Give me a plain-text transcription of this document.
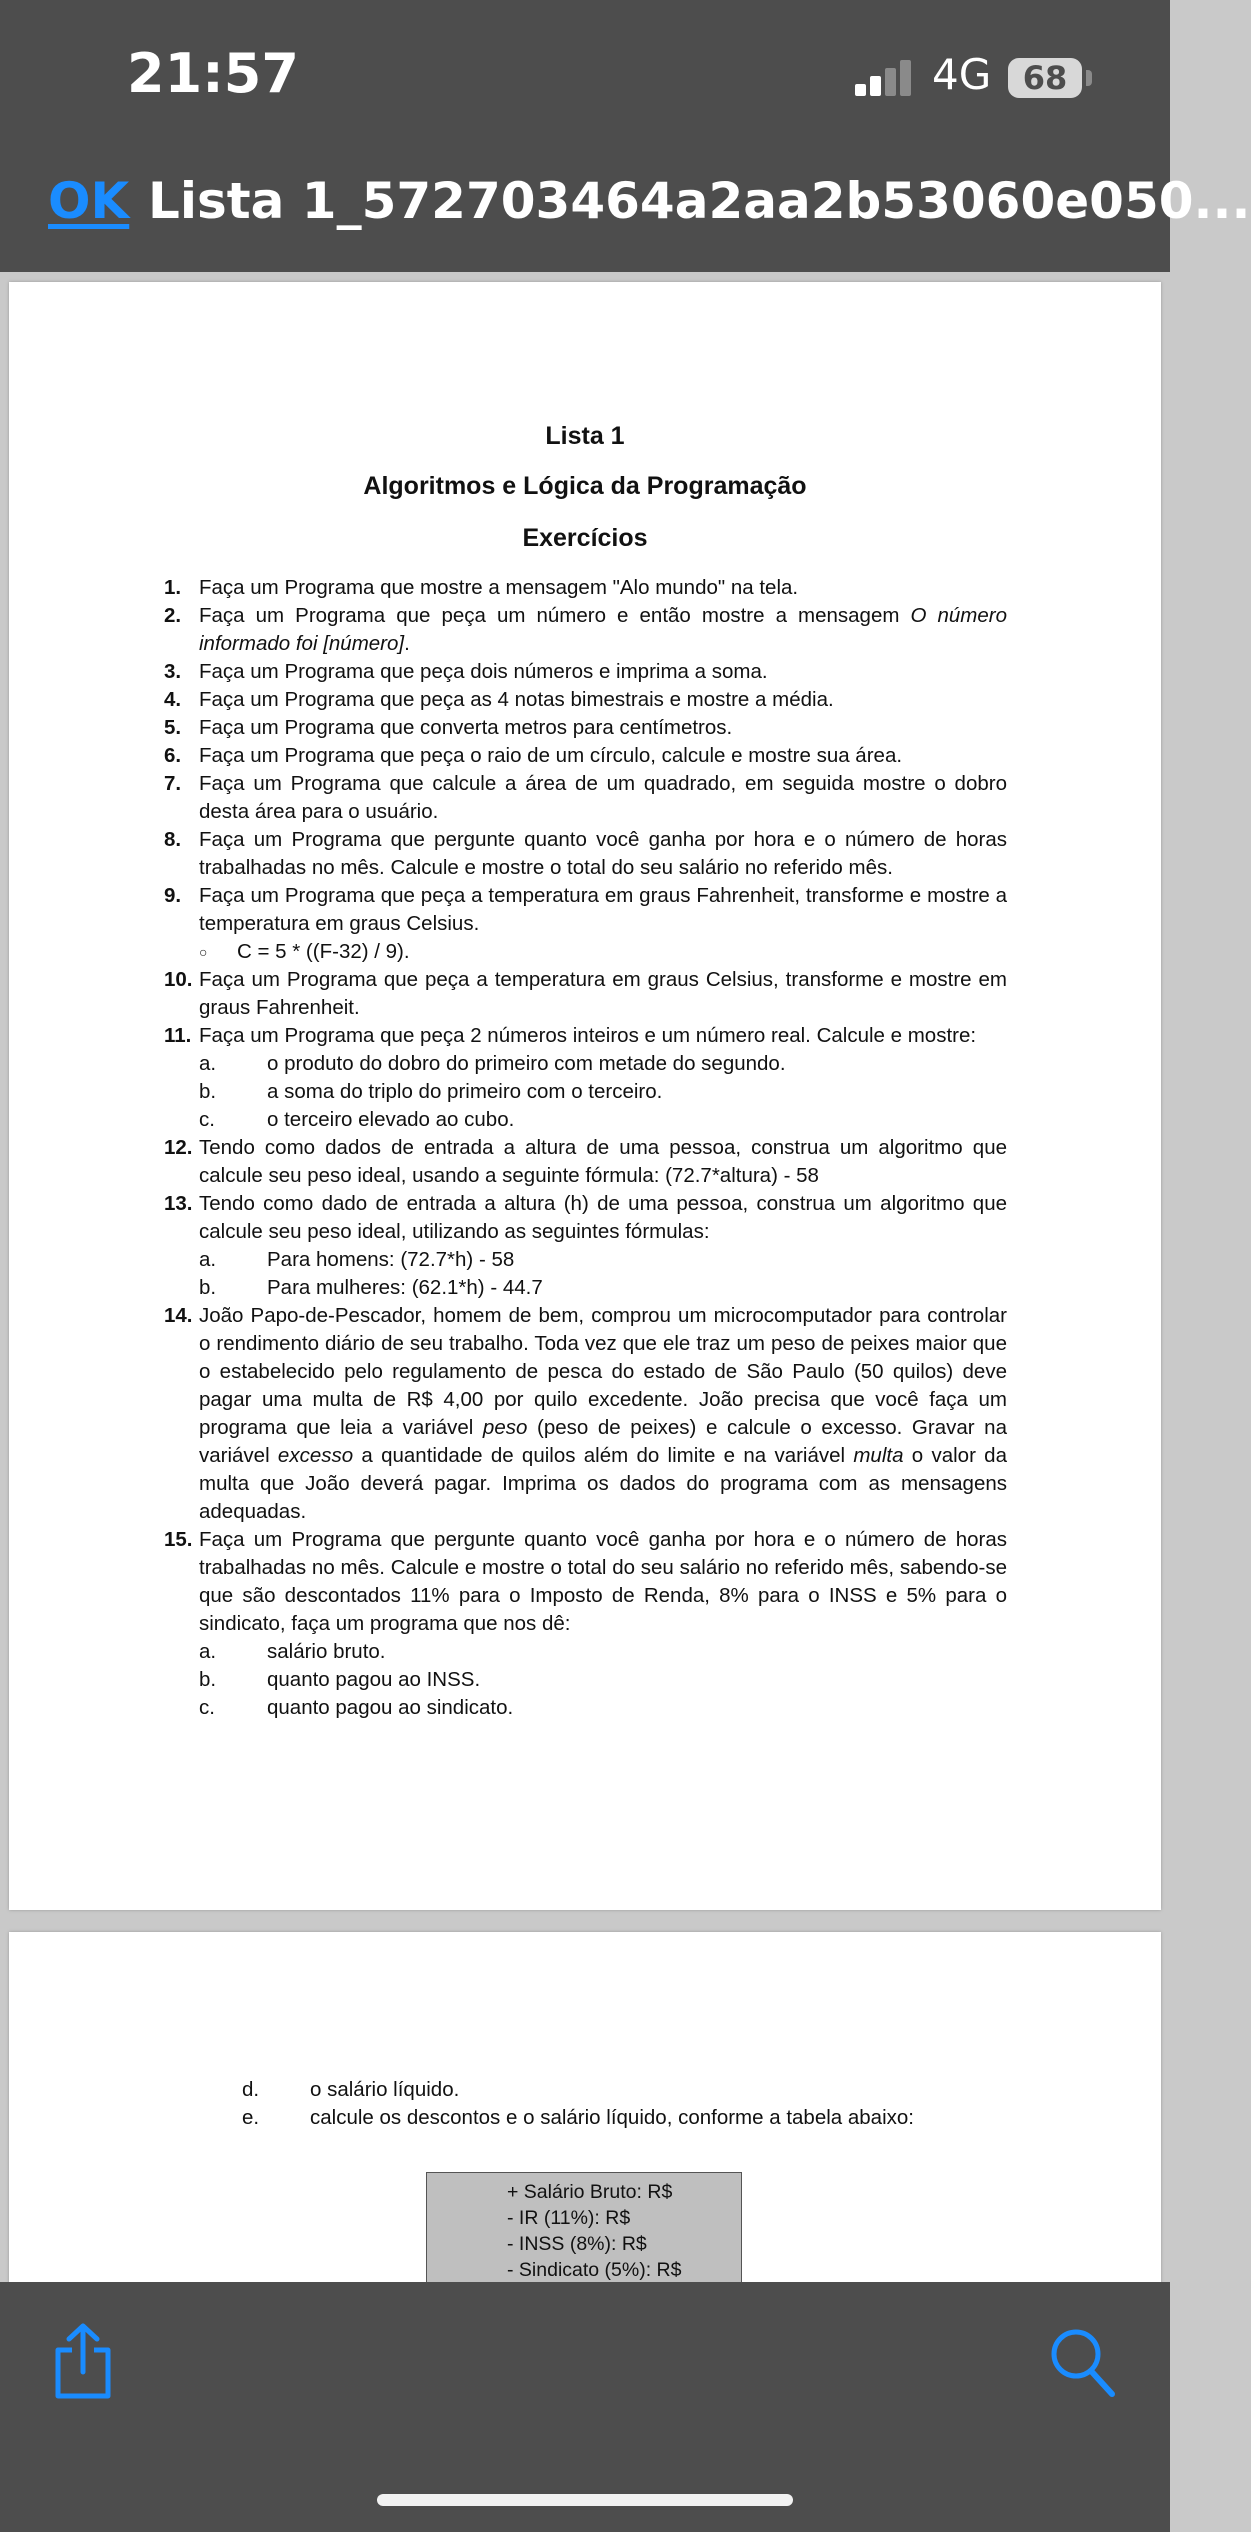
21:57	4G 68
OK Lista 1_572703464a2aa2b53060e050...
Lista 1
Algoritmos e Lógica da Programação
Exercícios
1. Faça um Programa que mostre a mensagem "Alo mundo" na tela.
2. Faça um Programa que peça um número e então mostre a mensagem O número informado foi [número].
3. Faça um Programa que peça dois números e imprima a soma.
4. Faça um Programa que peça as 4 notas bimestrais e mostre a média.
5. Faça um Programa que converta metros para centímetros.
6. Faça um Programa que peça o raio de um círculo, calcule e mostre sua área.
7. Faça um Programa que calcule a área de um quadrado, em seguida mostre o dobro desta área para o usuário.
8. Faça um Programa que pergunte quanto você ganha por hora e o número de horas trabalhadas no mês. Calcule e mostre o total do seu salário no referido mês.
9. Faça um Programa que peça a temperatura em graus Fahrenheit, transforme e mostre a temperatura em graus Celsius.
○ C = 5 * ((F-32) / 9).
10. Faça um Programa que peça a temperatura em graus Celsius, transforme e mostre em graus Fahrenheit.
11. Faça um Programa que peça 2 números inteiros e um número real. Calcule e mostre:
a. o produto do dobro do primeiro com metade do segundo.
b. a soma do triplo do primeiro com o terceiro.
c.	o terceiro elevado ao cubo.
12. Tendo como dados de entrada a altura de uma pessoa, construa um algoritmo que calcule seu peso ideal, usando a seguinte fórmula: (72.7*altura) - 58
13. Tendo como dado de entrada a altura (h) de uma pessoa, construa um algoritmo que calcule seu peso ideal, utilizando as seguintes fórmulas:
a. Para homens: (72.7*h) - 58
b. Para mulheres: (62.1*h) - 44.7
14. João Papo-de-Pescador, homem de bem, comprou um microcomputador para controlar o rendimento diário de seu trabalho. Toda vez que ele traz um peso de peixes maior que o estabelecido pelo regulamento de pesca do estado de São Paulo (50 quilos) deve pagar uma multa de R$ 4,00 por quilo excedente. João precisa que você faça um programa que leia a variável peso (peso de peixes) e calcule o excesso. Gravar na variável excesso a quantidade de quilos além do limite e na variável multa o valor da multa que João deverá pagar. Imprima os dados do programa com as mensagens adequadas.
15. Faça um Programa que pergunte quanto você ganha por hora e o número de horas trabalhadas no mês. Calcule e mostre o total do seu salário no referido mês, sabendo-se que são descontados 11% para o Imposto de Renda, 8% para o INSS e 5% para o sindicato, faça um programa que nos dê:
a. salário bruto.
b. quanto pagou ao INSS.
c.	quanto pagou ao sindicato.
d. o salário líquido.
e. calcule os descontos e o salário líquido, conforme a tabela abaixo:
+ Salário Bruto: R$
- IR (11%): R$
- INSS (8%): R$
- Sindicato (5%): R$
